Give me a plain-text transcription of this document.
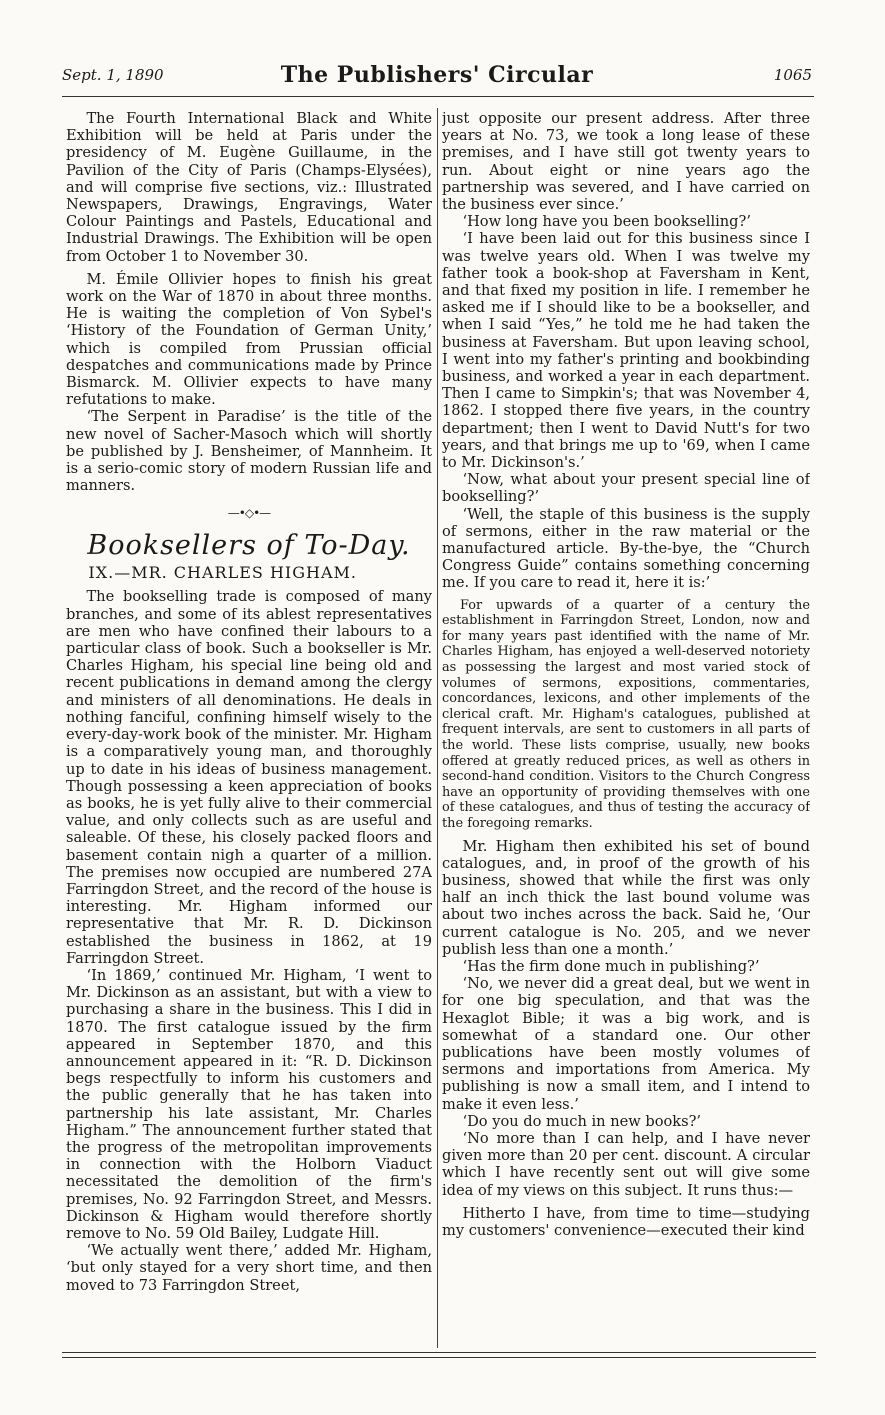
Sept. 1, 1890	The Publishers' Circular	1065

The Fourth International Black and White Exhibition will be held at Paris under the presidency of M. Eugène Guillaume, in the Pavilion of the City of Paris (Champs-Elysées), and will comprise five sections, viz.: Illustrated Newspapers, Drawings, Engravings, Water Colour Paintings and Pastels, Educational and Industrial Drawings. The Exhibition will be open from October 1 to November 30.

M. Émile Ollivier hopes to finish his great work on the War of 1870 in about three months. He is waiting the completion of Von Sybel's ‘History of the Foundation of German Unity,’ which is compiled from Prussian official despatches and communications made by Prince Bismarck. M. Ollivier expects to have many refutations to make.

‘The Serpent in Paradise’ is the title of the new novel of Sacher-Masoch which will shortly be published by J. Bensheimer, of Mannheim. It is a serio-comic story of modern Russian life and manners.

—•◇•—
Booksellers of To-Day.
IX.—MR. CHARLES HIGHAM.

The bookselling trade is composed of many branches, and some of its ablest representatives are men who have confined their labours to a particular class of book. Such a bookseller is Mr. Charles Higham, his special line being old and recent publications in demand among the clergy and ministers of all denominations. He deals in nothing fanciful, confining himself wisely to the every-day-work book of the minister. Mr. Higham is a comparatively young man, and thoroughly up to date in his ideas of business management. Though possessing a keen appreciation of books as books, he is yet fully alive to their commercial value, and only collects such as are useful and saleable. Of these, his closely packed floors and basement contain nigh a quarter of a million. The premises now occupied are numbered 27A Farringdon Street, and the record of the house is interesting. Mr. Higham informed our representative that Mr. R. D. Dickinson established the business in 1862, at 19 Farringdon Street.

‘In 1869,’ continued Mr. Higham, ‘I went to Mr. Dickinson as an assistant, but with a view to purchasing a share in the business. This I did in 1870. The first catalogue issued by the firm appeared in September 1870, and this announcement appeared in it: “R. D. Dickinson begs respectfully to inform his customers and the public generally that he has taken into partnership his late assistant, Mr. Charles Higham.” The announcement further stated that the progress of the metropolitan improvements in connection with the Holborn Viaduct necessitated the demolition of the firm's premises, No. 92 Farringdon Street, and Messrs. Dickinson & Higham would therefore shortly remove to No. 59 Old Bailey, Ludgate Hill.

‘We actually went there,’ added Mr. Higham, ‘but only stayed for a very short time, and then moved to 73 Farringdon Street,

just opposite our present address. After three years at No. 73, we took a long lease of these premises, and I have still got twenty years to run. About eight or nine years ago the partnership was severed, and I have carried on the business ever since.’

‘How long have you been bookselling?’

‘I have been laid out for this business since I was twelve years old. When I was twelve my father took a book-shop at Faversham in Kent, and that fixed my position in life. I remember he asked me if I should like to be a bookseller, and when I said “Yes,” he told me he had taken the business at Faversham. But upon leaving school, I went into my father's printing and bookbinding business, and worked a year in each department. Then I came to Simpkin's; that was November 4, 1862. I stopped there five years, in the country department; then I went to David Nutt's for two years, and that brings me up to '69, when I came to Mr. Dickinson's.’

‘Now, what about your present special line of bookselling?’

‘Well, the staple of this business is the supply of sermons, either in the raw material or the manufactured article. By-the-bye, the “Church Congress Guide” contains something concerning me. If you care to read it, here it is:’

For upwards of a quarter of a century the establishment in Farringdon Street, London, now and for many years past identified with the name of Mr. Charles Higham, has enjoyed a well-deserved notoriety as possessing the largest and most varied stock of volumes of sermons, expositions, commentaries, concordances, lexicons, and other implements of the clerical craft. Mr. Higham's catalogues, published at frequent intervals, are sent to customers in all parts of the world. These lists comprise, usually, new books offered at greatly reduced prices, as well as others in second-hand condition. Visitors to the Church Congress have an opportunity of providing themselves with one of these catalogues, and thus of testing the accuracy of the foregoing remarks.

Mr. Higham then exhibited his set of bound catalogues, and, in proof of the growth of his business, showed that while the first was only half an inch thick the last bound volume was about two inches across the back. Said he, ‘Our current catalogue is No. 205, and we never publish less than one a month.’

‘Has the firm done much in publishing?’

‘No, we never did a great deal, but we went in for one big speculation, and that was the Hexaglot Bible; it was a big work, and is somewhat of a standard one. Our other publications have been mostly volumes of sermons and importations from America. My publishing is now a small item, and I intend to make it even less.’

‘Do you do much in new books?’

‘No more than I can help, and I have never given more than 20 per cent. discount. A circular which I have recently sent out will give some idea of my views on this subject. It runs thus:—

Hitherto I have, from time to time—studying my customers' convenience—executed their kind
